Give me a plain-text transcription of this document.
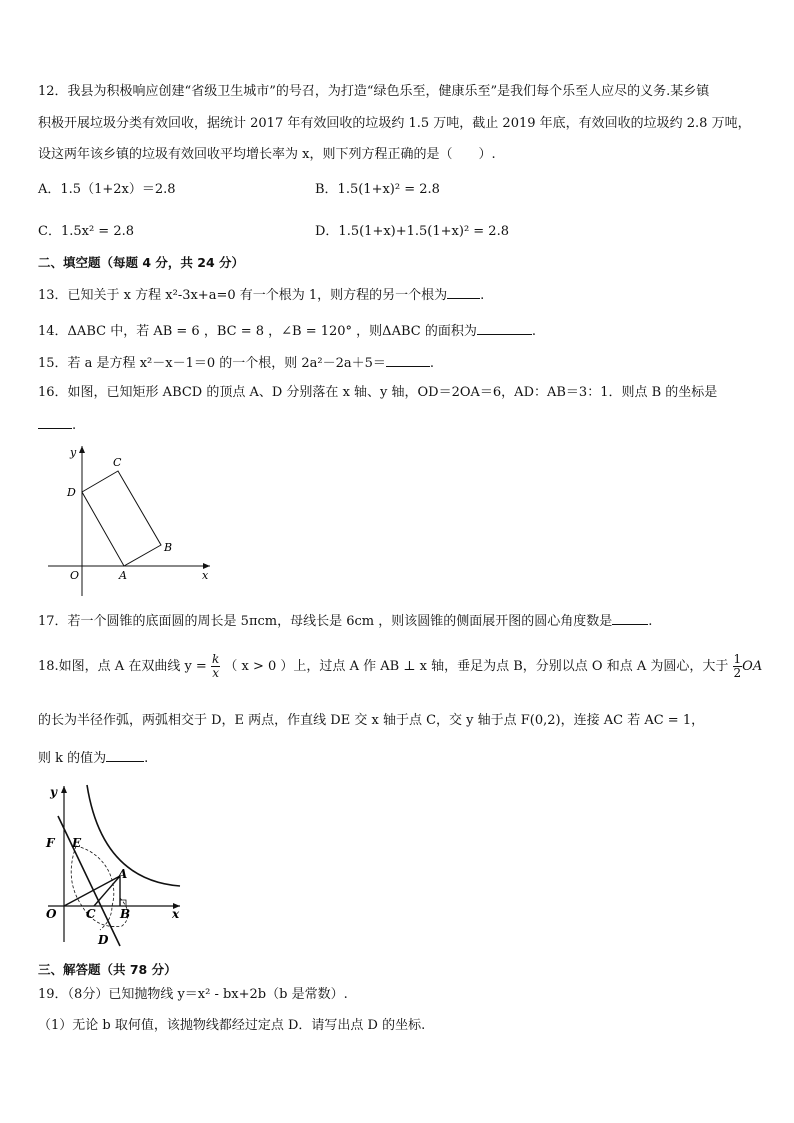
12．我县为积极响应创建“省级卫生城市”的号召，为打造“绿色乐至，健康乐至”是我们每个乐至人应尽的义务.某乡镇
积极开展垃圾分类有效回收，据统计 2017 年有效回收的垃圾约 1.5 万吨，截止 2019 年底，有效回收的垃圾约 2.8 万吨，
设这两年该乡镇的垃圾有效回收平均增长率为 x，则下列方程正确的是（　　）.
A．1.5（1+2x）＝2.8	B．1.5(1+x)² = 2.8
C．1.5x² = 2.8	D．1.5(1+x)+1.5(1+x)² = 2.8
二、填空题（每题 4 分，共 24 分）
13．已知关于 x 方程 x²-3x+a=0 有一个根为 1，则方程的另一个根为	.
14．ΔABC 中，若 AB = 6 ，BC = 8 ，∠B = 120° ，则ΔABC 的面积为	.
15．若 a 是方程 x²－x－1＝0 的一个根，则 2a²－2a＋5＝	.
16．如图，已知矩形 ABCD 的顶点 A、D 分别落在 x 轴、y 轴，OD＝2OA＝6，AD：AB＝3：1．则点 B 的坐标是
.
y
x
C
D
B
O	A
17．若一个圆锥的底面圆的周长是 5πcm，母线长是 6cm ，则该圆锥的侧面展开图的圆心角度数是	.
18.如图，点 A 在双曲线 $y = \frac{k}{x}$ （ x > 0 ）上，过点 A 作 AB ⊥ x 轴，垂足为点 B，分别以点 O 和点 A 为圆心，大于 $\frac{1}{2}$ OA
的长为半径作弧，两弧相交于 D，E 两点，作直线 DE 交 x 轴于点 C，交 y 轴于点 F(0,2)，连接 AC 若 AC = 1，
则 k 的值为	.
y
x
F E
A
O C B
D
三、解答题（共 78 分）
19．（8分）已知抛物线 y＝x² - bx+2b（b 是常数）.
（1）无论 b 取何值，该抛物线都经过定点 D．请写出点 D 的坐标.
